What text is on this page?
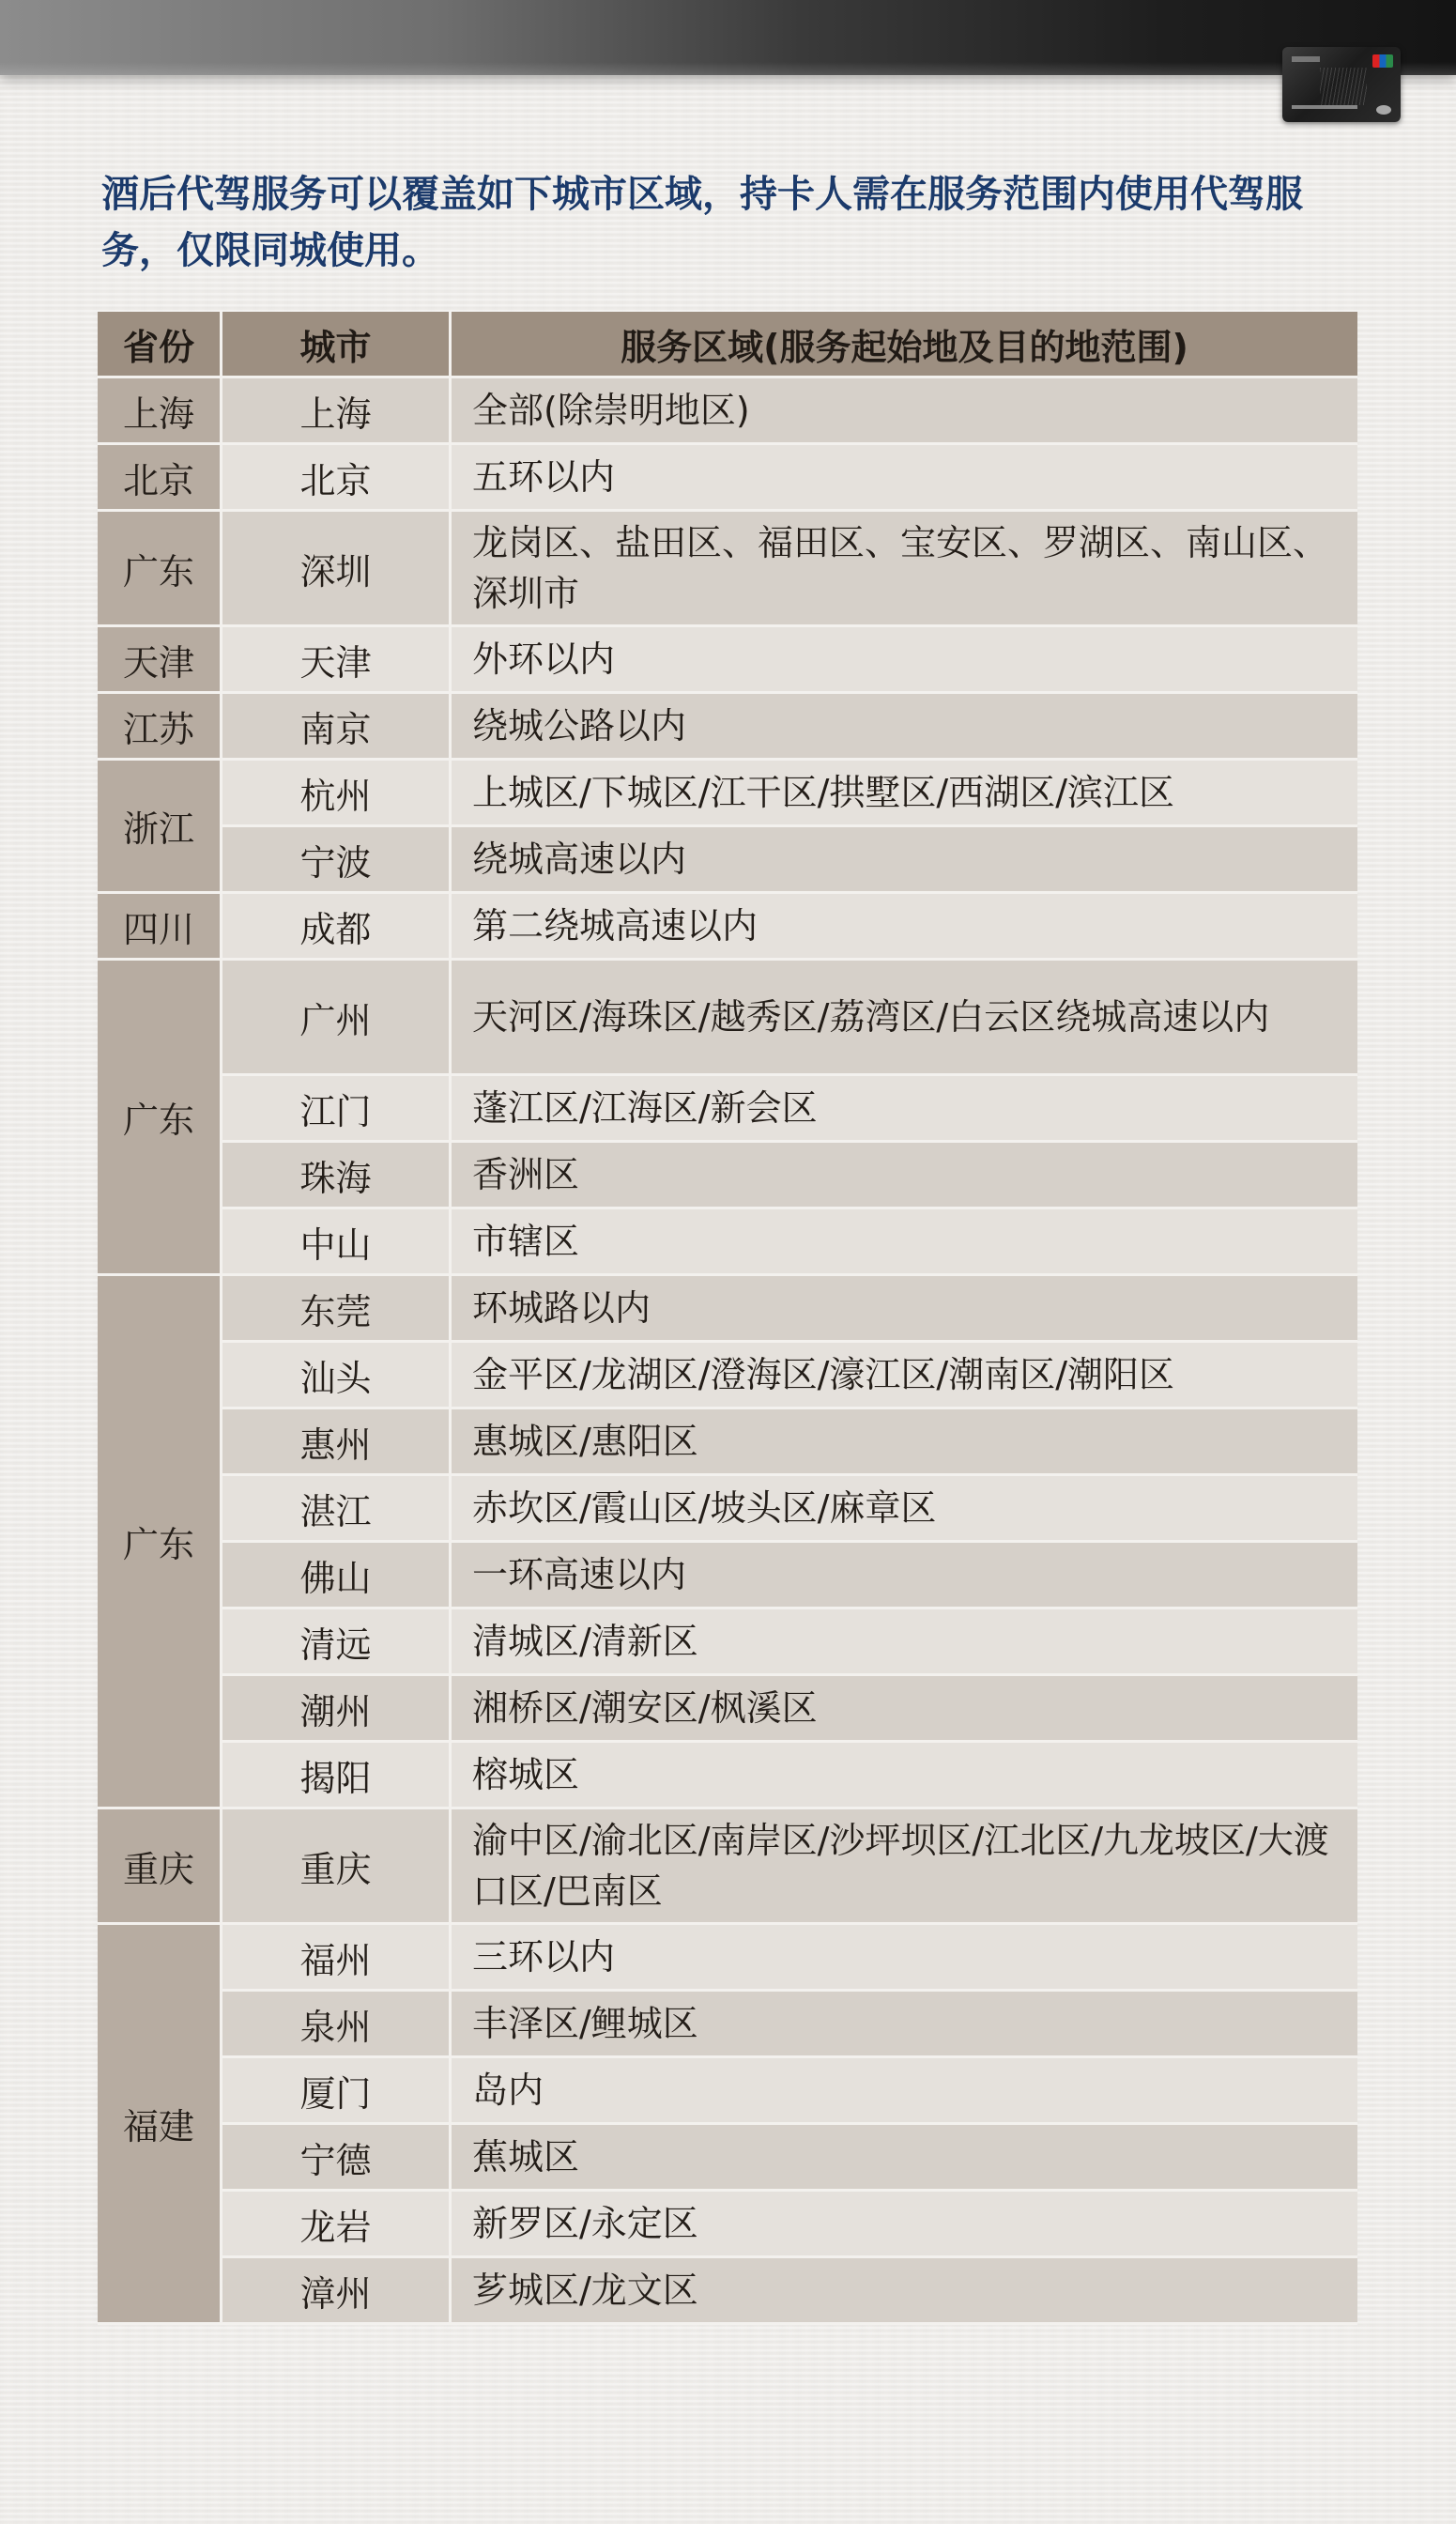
酒后代驾服务可以覆盖如下城市区域，持卡人需在服务范围内使用代驾服务，仅限同城使用。

省份	城市	服务区域(服务起始地及目的地范围)
上海	上海	全部(除崇明地区)
北京	北京	五环以内
广东	深圳	龙岗区、盐田区、福田区、宝安区、罗湖区、南山区、深圳市
天津	天津	外环以内
江苏	南京	绕城公路以内
浙江	杭州	上城区/下城区/江干区/拱墅区/西湖区/滨江区
	宁波	绕城高速以内
四川	成都	第二绕城高速以内
广东	广州	天河区/海珠区/越秀区/荔湾区/白云区绕城高速以内
	江门	蓬江区/江海区/新会区
	珠海	香洲区
	中山	市辖区
广东	东莞	环城路以内
	汕头	金平区/龙湖区/澄海区/濠江区/潮南区/潮阳区
	惠州	惠城区/惠阳区
	湛江	赤坎区/霞山区/坡头区/麻章区
	佛山	一环高速以内
	清远	清城区/清新区
	潮州	湘桥区/潮安区/枫溪区
	揭阳	榕城区
重庆	重庆	渝中区/渝北区/南岸区/沙坪坝区/江北区/九龙坡区/大渡口区/巴南区
福建	福州	三环以内
	泉州	丰泽区/鲤城区
	厦门	岛内
	宁德	蕉城区
	龙岩	新罗区/永定区
	漳州	芗城区/龙文区
